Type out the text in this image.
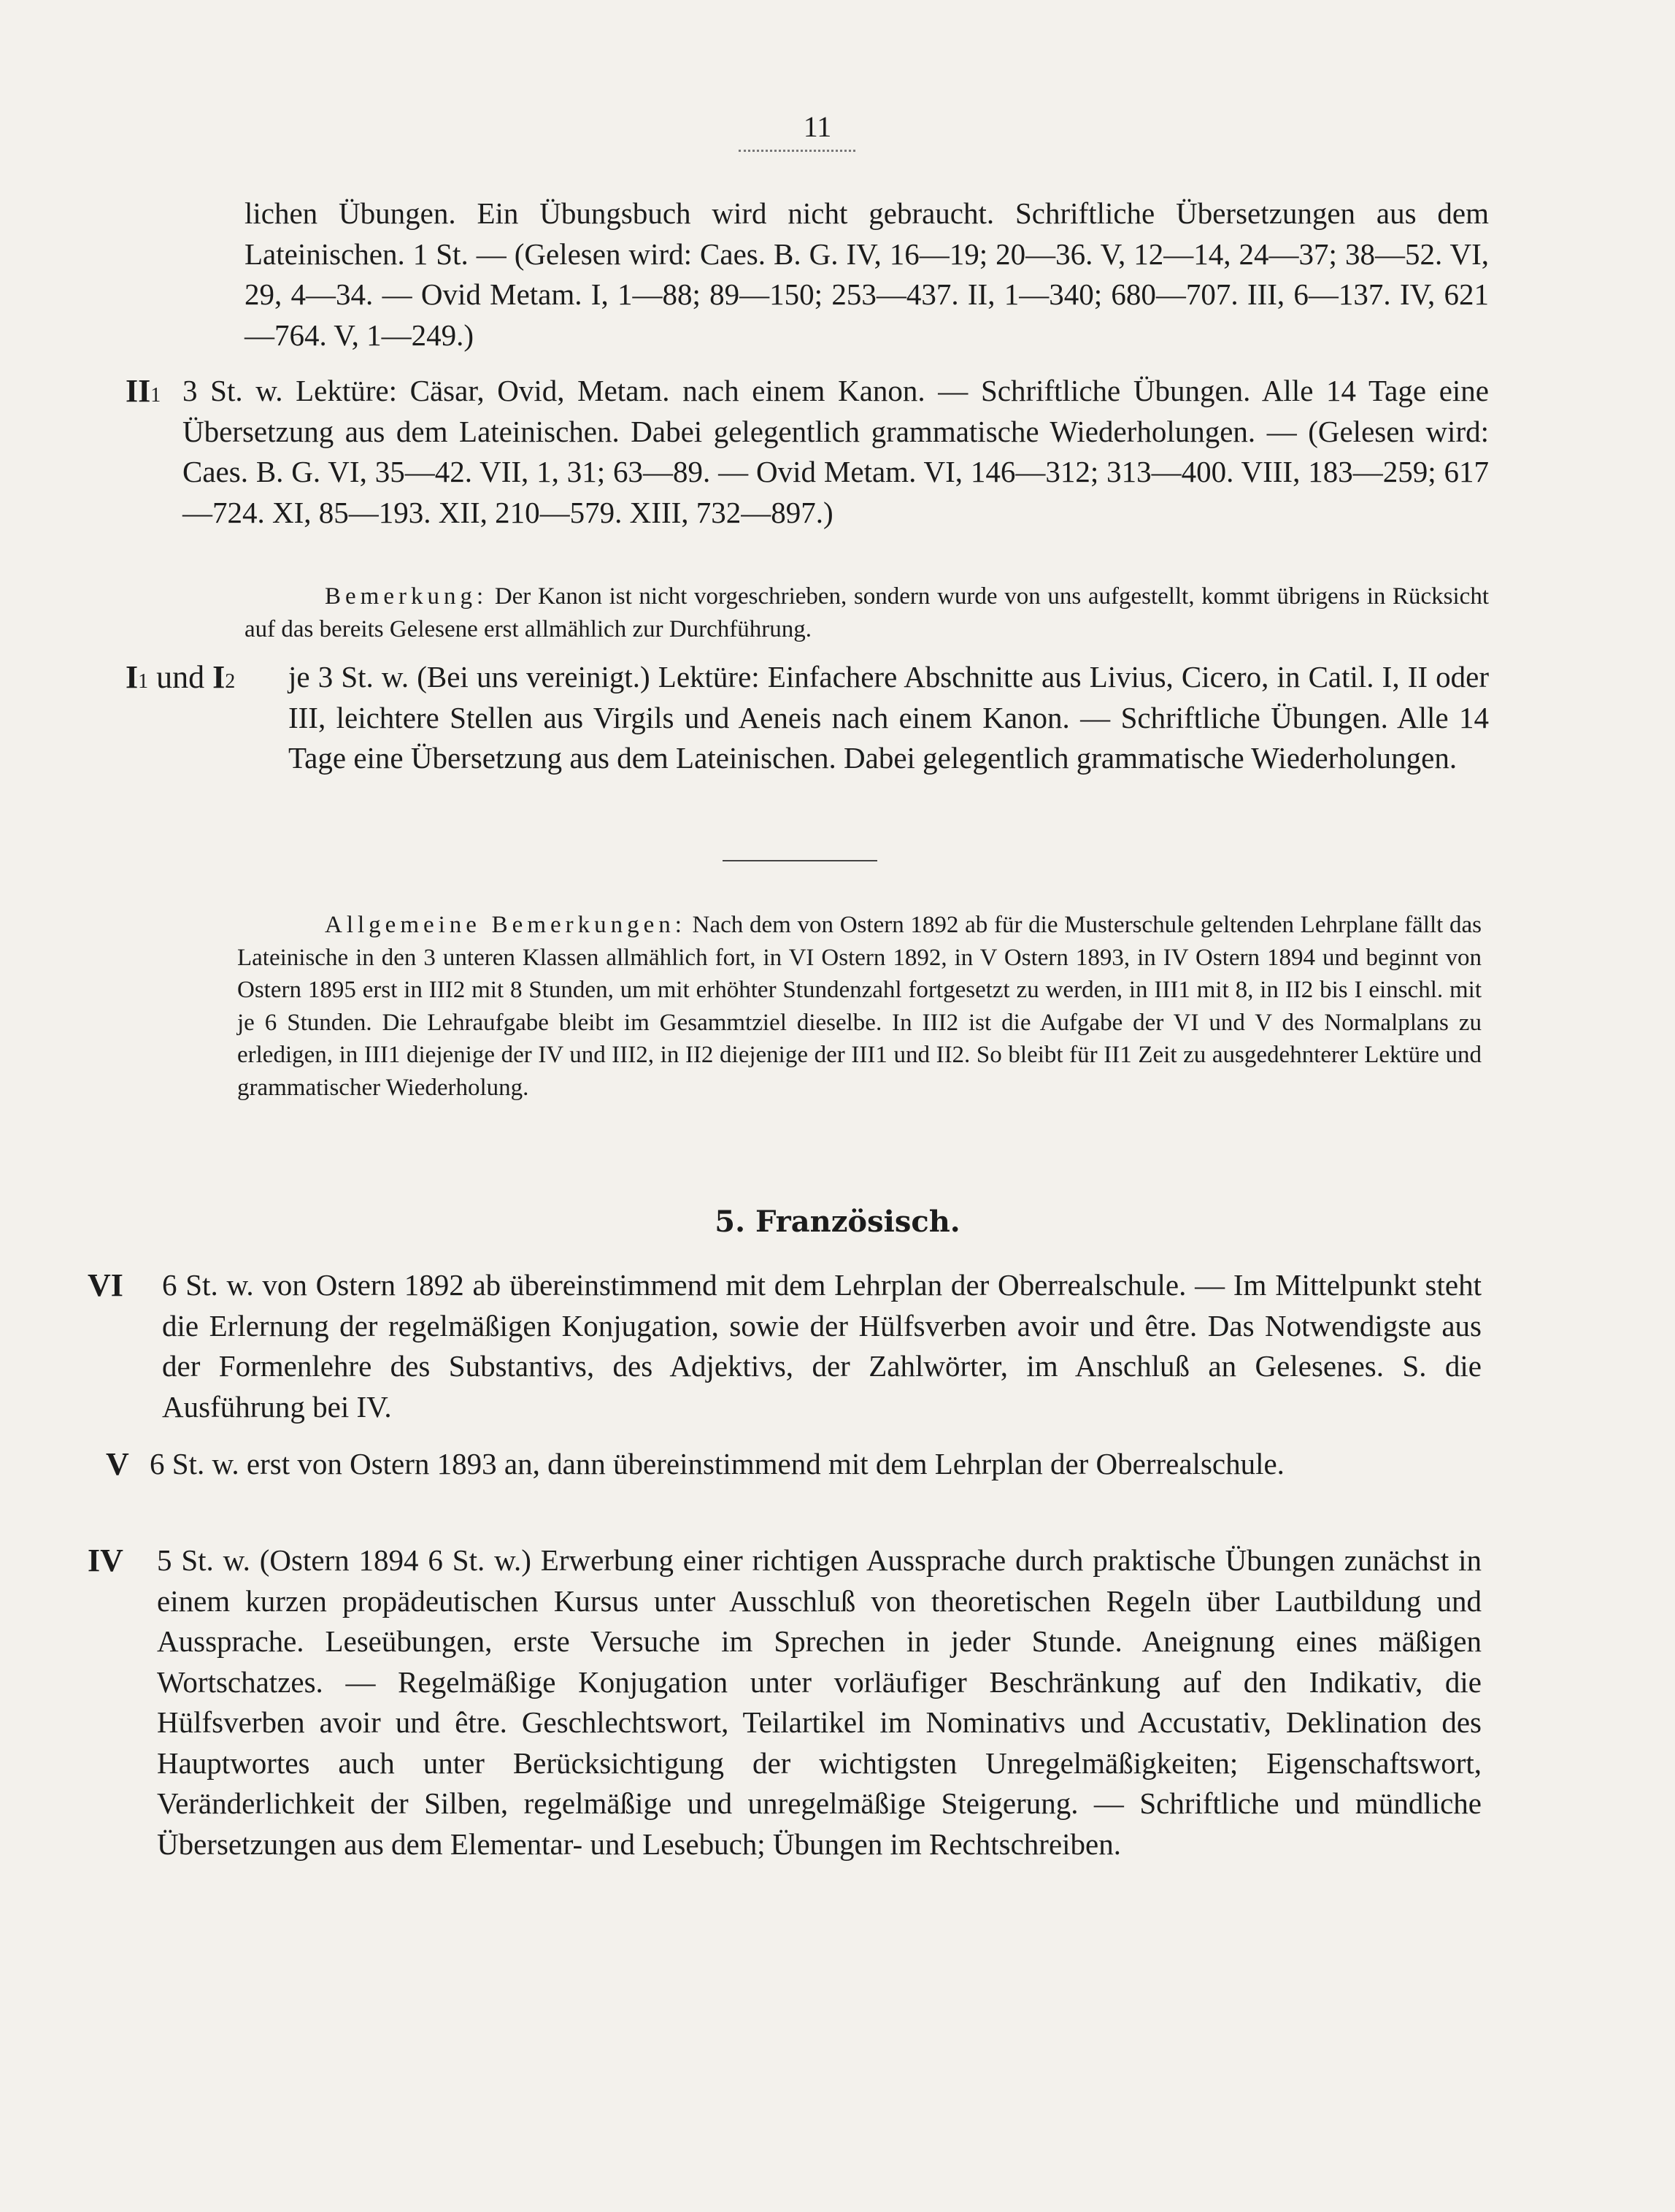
11
lichen Übungen. Ein Übungsbuch wird nicht gebraucht. Schriftliche Übersetzungen aus dem Lateinischen. 1 St. — (Gelesen wird: Caes. B. G. IV, 16—19; 20—36. V, 12—14, 24—37; 38—52. VI, 29, 4—34. — Ovid Metam. I, 1—88; 89—150; 253—437. II, 1—340; 680—707. III, 6—137. IV, 621—764. V, 1—249.)
II1 3 St. w. Lektüre: Cäsar, Ovid, Metam. nach einem Kanon. — Schriftliche Übungen. Alle 14 Tage eine Übersetzung aus dem Lateinischen. Dabei gelegentlich grammatische Wiederholungen. — (Gelesen wird: Caes. B. G. VI, 35—42. VII, 1, 31; 63—89. — Ovid Metam. VI, 146—312; 313—400. VIII, 183—259; 617—724. XI, 85—193. XII, 210—579. XIII, 732—897.)
Bemerkung: Der Kanon ist nicht vorgeschrieben, sondern wurde von uns aufgestellt, kommt übrigens in Rücksicht auf das bereits Gelesene erst allmählich zur Durchführung.
I1 und I2 je 3 St. w. (Bei uns vereinigt.) Lektüre: Einfachere Abschnitte aus Livius, Cicero, in Catil. I, II oder III, leichtere Stellen aus Virgils und Aeneis nach einem Kanon. — Schriftliche Übungen. Alle 14 Tage eine Übersetzung aus dem Lateinischen. Dabei gelegentlich grammatische Wiederholungen.
Allgemeine Bemerkungen: Nach dem von Ostern 1892 ab für die Musterschule geltenden Lehrplane fällt das Lateinische in den 3 unteren Klassen allmählich fort, in VI Ostern 1892, in V Ostern 1893, in IV Ostern 1894 und beginnt von Ostern 1895 erst in III2 mit 8 Stunden, um mit erhöhter Stundenzahl fortgesetzt zu werden, in III1 mit 8, in II2 bis I einschl. mit je 6 Stunden. Die Lehraufgabe bleibt im Gesammtziel dieselbe. In III2 ist die Aufgabe der VI und V des Normalplans zu erledigen, in III1 diejenige der IV und III2, in II2 diejenige der III1 und II2. So bleibt für II1 Zeit zu ausgedehnterer Lektüre und grammatischer Wiederholung.
5. Französisch.
VI 6 St. w. von Ostern 1892 ab übereinstimmend mit dem Lehrplan der Oberrealschule. — Im Mittelpunkt steht die Erlernung der regelmäßigen Konjugation, sowie der Hülfsverben avoir und être. Das Notwendigste aus der Formenlehre des Substantivs, des Adjektivs, der Zahlwörter, im Anschluß an Gelesenes. S. die Ausführung bei IV.
V 6 St. w. erst von Ostern 1893 an, dann übereinstimmend mit dem Lehrplan der Oberrealschule.
IV 5 St. w. (Ostern 1894 6 St. w.) Erwerbung einer richtigen Aussprache durch praktische Übungen zunächst in einem kurzen propädeutischen Kursus unter Ausschluß von theoretischen Regeln über Lautbildung und Aussprache. Leseübungen, erste Versuche im Sprechen in jeder Stunde. Aneignung eines mäßigen Wortschatzes. — Regelmäßige Konjugation unter vorläufiger Beschränkung auf den Indikativ, die Hülfsverben avoir und être. Geschlechtswort, Teilartikel im Nominativs und Accustativ, Deklination des Hauptwortes auch unter Berücksichtigung der wichtigsten Unregelmäßigkeiten; Eigenschaftswort, Veränderlichkeit der Silben, regelmäßige und unregelmäßige Steigerung. — Schriftliche und mündliche Übersetzungen aus dem Elementar- und Lesebuch; Übungen im Rechtschreiben.
